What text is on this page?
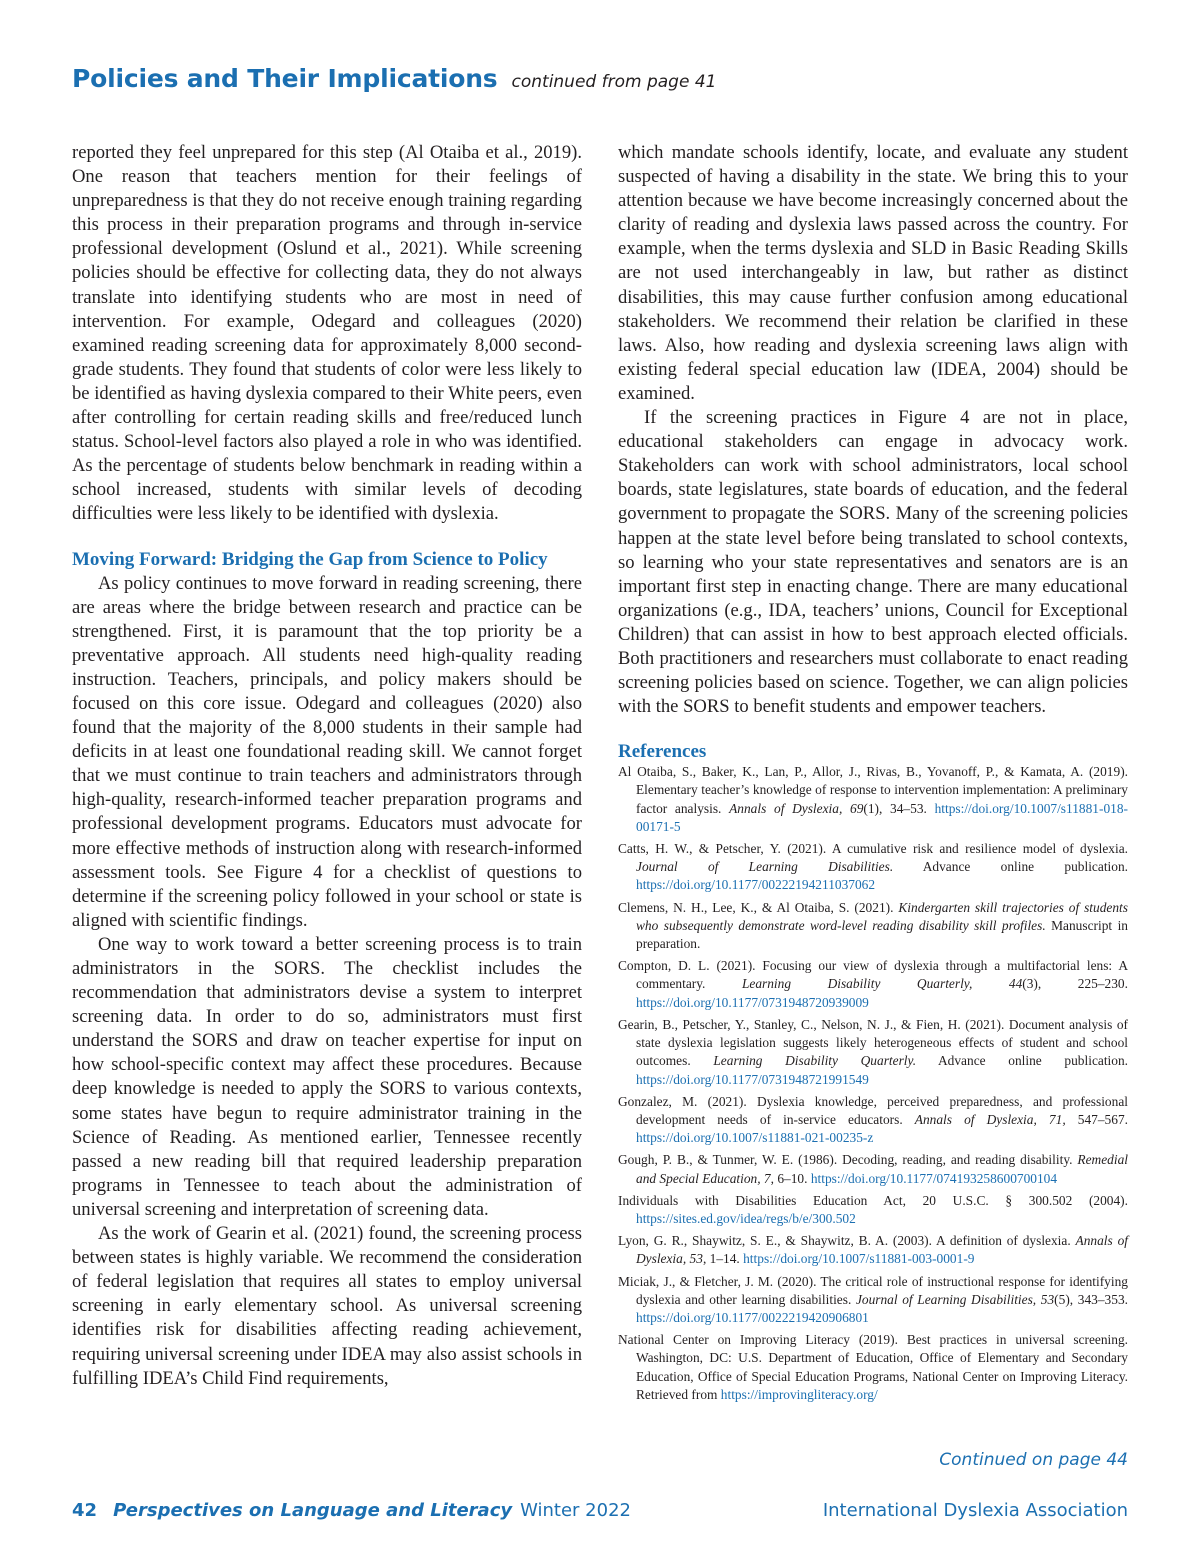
Policies and Their Implications continued from page 41

reported they feel unprepared for this step (Al Otaiba et al., 2019). One reason that teachers mention for their feelings of unpreparedness is that they do not receive enough training regarding this process in their preparation programs and through in-service professional development (Oslund et al., 2021). While screening policies should be effective for collecting data, they do not always translate into identifying students who are most in need of intervention. For example, Odegard and colleagues (2020) examined reading screening data for approximately 8,000 second-grade students. They found that students of color were less likely to be identified as having dyslexia compared to their White peers, even after controlling for certain reading skills and free/reduced lunch status. School-level factors also played a role in who was identified. As the percentage of students below benchmark in reading within a school increased, students with similar levels of decoding difficulties were less likely to be identified with dyslexia.

Moving Forward: Bridging the Gap from Science to Policy

As policy continues to move forward in reading screening, there are areas where the bridge between research and practice can be strengthened. First, it is paramount that the top priority be a preventative approach. All students need high-quality reading instruction. Teachers, principals, and policy makers should be focused on this core issue. Odegard and colleagues (2020) also found that the majority of the 8,000 students in their sample had deficits in at least one foundational reading skill. We cannot forget that we must continue to train teachers and administrators through high-quality, research-informed teacher preparation programs and professional development programs. Educators must advocate for more effective methods of instruction along with research-informed assessment tools. See Figure 4 for a checklist of questions to determine if the screening policy followed in your school or state is aligned with scientific findings.

One way to work toward a better screening process is to train administrators in the SORS. The checklist includes the recommendation that administrators devise a system to interpret screening data. In order to do so, administrators must first understand the SORS and draw on teacher expertise for input on how school-specific context may affect these procedures. Because deep knowledge is needed to apply the SORS to various contexts, some states have begun to require administrator training in the Science of Reading. As mentioned earlier, Tennessee recently passed a new reading bill that required leadership preparation programs in Tennessee to teach about the administration of universal screening and interpretation of screening data.

As the work of Gearin et al. (2021) found, the screening process between states is highly variable. We recommend the consideration of federal legislation that requires all states to employ universal screening in early elementary school. As universal screening identifies risk for disabilities affecting reading achievement, requiring universal screening under IDEA may also assist schools in fulfilling IDEA’s Child Find requirements,

which mandate schools identify, locate, and evaluate any student suspected of having a disability in the state. We bring this to your attention because we have become increasingly concerned about the clarity of reading and dyslexia laws passed across the country. For example, when the terms dyslexia and SLD in Basic Reading Skills are not used interchangeably in law, but rather as distinct disabilities, this may cause further confusion among educational stakeholders. We recommend their relation be clarified in these laws. Also, how reading and dyslexia screening laws align with existing federal special education law (IDEA, 2004) should be examined.

If the screening practices in Figure 4 are not in place, educational stakeholders can engage in advocacy work. Stakeholders can work with school administrators, local school boards, state legislatures, state boards of education, and the federal government to propagate the SORS. Many of the screening policies happen at the state level before being translated to school contexts, so learning who your state representatives and senators are is an important first step in enacting change. There are many educational organizations (e.g., IDA, teachers’ unions, Council for Exceptional Children) that can assist in how to best approach elected officials. Both practitioners and researchers must collaborate to enact reading screening policies based on science. Together, we can align policies with the SORS to benefit students and empower teachers.

References

Al Otaiba, S., Baker, K., Lan, P., Allor, J., Rivas, B., Yovanoff, P., & Kamata, A. (2019). Elementary teacher’s knowledge of response to intervention implementation: A preliminary factor analysis. Annals of Dyslexia, 69(1), 34–53. https://doi.org/10.1007/s11881-018-00171-5

Catts, H. W., & Petscher, Y. (2021). A cumulative risk and resilience model of dyslexia. Journal of Learning Disabilities. Advance online publication. https://doi.org/10.1177/00222194211037062

Clemens, N. H., Lee, K., & Al Otaiba, S. (2021). Kindergarten skill trajectories of students who subsequently demonstrate word-level reading disability skill profiles. Manuscript in preparation.

Compton, D. L. (2021). Focusing our view of dyslexia through a multifactorial lens: A commentary. Learning Disability Quarterly, 44(3), 225–230. https://doi.org/10.1177/0731948720939009

Gearin, B., Petscher, Y., Stanley, C., Nelson, N. J., & Fien, H. (2021). Document analysis of state dyslexia legislation suggests likely heterogeneous effects of student and school outcomes. Learning Disability Quarterly. Advance online publication. https://doi.org/10.1177/0731948721991549

Gonzalez, M. (2021). Dyslexia knowledge, perceived preparedness, and professional development needs of in-service educators. Annals of Dyslexia, 71, 547–567. https://doi.org/10.1007/s11881-021-00235-z

Gough, P. B., & Tunmer, W. E. (1986). Decoding, reading, and reading disability. Remedial and Special Education, 7, 6–10. https://doi.org/10.1177/074193258600700104

Individuals with Disabilities Education Act, 20 U.S.C. § 300.502 (2004). https://sites.ed.gov/idea/regs/b/e/300.502

Lyon, G. R., Shaywitz, S. E., & Shaywitz, B. A. (2003). A definition of dyslexia. Annals of Dyslexia, 53, 1–14. https://doi.org/10.1007/s11881-003-0001-9

Miciak, J., & Fletcher, J. M. (2020). The critical role of instructional response for identifying dyslexia and other learning disabilities. Journal of Learning Disabilities, 53(5), 343–353. https://doi.org/10.1177/0022219420906801

National Center on Improving Literacy (2019). Best practices in universal screening. Washington, DC: U.S. Department of Education, Office of Elementary and Secondary Education, Office of Special Education Programs, National Center on Improving Literacy. Retrieved from https://improvingliteracy.org/

Continued on page 44
42 Perspectives on Language and Literacy Winter 2022	International Dyslexia Association
